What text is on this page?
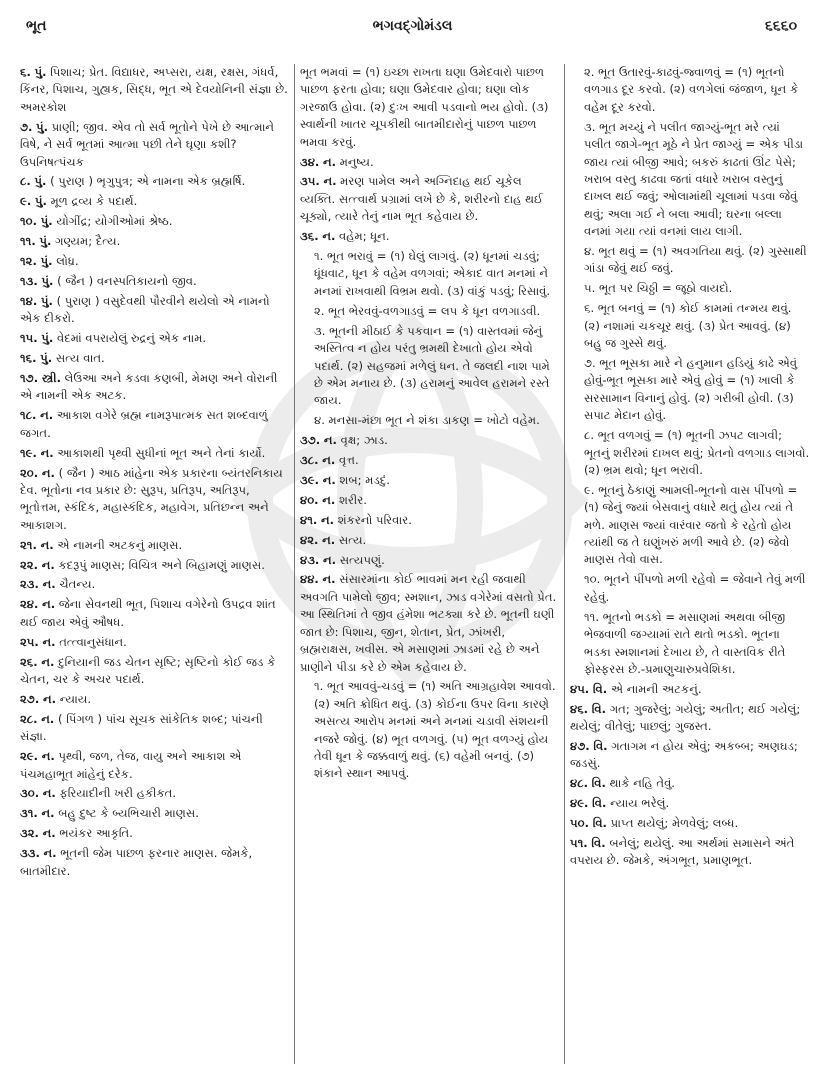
ભૂત	ભગવદ્ગોમંડલ	૬૬૬૦
૬. પું. પિશાચ; પ્રેત. વિદ્યાધર, અપ્સરા, યક્ષ, રક્ષસ, ગંધર્વ, કિંનર, પિશાચ, ગુહ્યક, સિદ્ધ, ભૂત એ દેવયોનિની સંજ્ઞા છે. અમરકોશ
૭. પું. પ્રાણી; જીવ. એવ તો સર્વ ભૂતોને પેખે છે આત્માને વિષે, ને સર્વ ભૂતમાં આત્મા પછી તેને ઘૃણા કશી? ઉપનિષત્પંચક
૮. પું. ( પુરાણ ) ભૃગુપુત્ર; એ નામના એક બ્રહ્મર્ષિ.
૯. પું. મૂળ દ્રવ્ય કે પદાર્થ.
૧૦. પું. યોગીંદ્ર; યોગીઓમાં શ્રેષ્ઠ.
૧૧. પું. ગણ્યમ; દૈત્ય.
૧૨. પું. લોધ્ર.
૧૩. પું. ( જૈન ) વનસ્પતિકાયનો જીવ.
૧૪. પું. ( પુરાણ ) વસુદેવથી પૌરવીને થયેલો એ નામનો એક દીકરો.
૧૫. પું. વેદમાં વપરાયેલું રુદ્રનું એક નામ.
૧૬. પું. સત્ય વાત.
૧૭. સ્ત્રી. લેઉઆ અને કડવા કણબી, મેમણ અને વોરાની એ નામની એક અટક.
૧૮. ન. આકાશ વગેરે બ્રહ્મ નામરૂપાત્મક સત શબ્દવાળું જગત.
૧૯. ન. આકાશથી પૃથ્વી સુધીનાં ભૂત અને તેનાં કાર્યો.
૨૦. ન. ( જૈન ) આઠ માંહેના એક પ્રકારના બ્યંતરનિકાય દેવ. ભૂતોના નવ પ્રકાર છે: સુરૂપ, પ્રતિરૂપ, અતિરૂપ, ભૂતોત્તમ, સ્કંદિક, મહાસ્કંદિક, મહાવેગ, પ્રતિછન્ન અને આકાશગ.
૨૧. ન. એ નામની અટકનું માણસ.
૨૨. ન. કદરૂપું માણસ; વિચિત્ર અને બિહામણું માણસ.
૨૩. ન. ચૈતન્ય.
૨૪. ન. જેના સેવનથી ભૂત, પિશાચ વગેરેનો ઉપદ્રવ શાંત થઈ જાય એવું ઔષધ.
૨૫. ન. તત્ત્વાનુસંધાન.
૨૬. ન. દુનિયાની જડ ચેતન સૃષ્ટિ; સૃષ્ટિનો કોઈ જડ કે ચેતન, ચર કે અચર પદાર્થ.
૨૭. ન. ન્યાય.
૨૮. ન. ( પિંગળ ) પાંચ સૂચક સાંકેતિક શબ્દ; પાંચની સંજ્ઞા.
૨૯. ન. પૃથ્વી, જળ, તેજ, વાયુ અને આકાશ એ પંચમહાભૂત માંહેનું દરેક.
૩૦. ન. ફરિયાદીની ખરી હકીકત.
૩૧. ન. બહુ દુષ્ટ કે બ્યભિચારી માણસ.
૩૨. ન. ભયંકર આકૃતિ.
૩૩. ન. ભૂતની જેમ પાછળ ફરનાર માણસ. જેમકે, બાતમીદાર.
ભૂત ભમવાં = (૧) ઇચ્છા રાખતા ઘણા ઉમેદવારો પાછળ પાછળ ફરતા હોવા; ઘણા ઉમેદવાર હોવા; ઘણા લોક ગરજાઉ હોવા. (૨) દુઃખ આવી પડવાનો ભય હોવો. (૩) સ્વાર્થની ખાતર ચૂપકીથી બાતમીદારોનું પાછળ પાછળ ભમવા કરવું.
૩૪. ન. મનુષ્ય.
૩૫. ન. મરણ પામેલ અને અગ્નિદાહ થઈ ચૂકેલ વ્યક્તિ. સત્ત્વાર્થ પ્રગ્રામાં લખે છે કે, શરીરનો દાહ થઈ ચૂક્યો, ત્યારે તેનું નામ ભૂત કહેવાય છે.
૩૬. ન. વહેમ; ધૂન.
૧. ભૂત ભરાવું = (૧) ઘેલું લાગવું. (૨) ધૂનમાં ચડવું; ધૂંધવાટ, ધૂન કે વહેમ વળગવાં; એકાદ વાત મનમાં ને મનમાં રાખવાથી વિભ્રમ થવો. (૩) વાંકું પડવું; રિસાવું.
૨. ભૂત ભેરવવું-વળગાડવું = લપ કે ધૂન વળગાડવી.
૩. ભૂતની મીઠાઈ કે પકવાન = (૧) વાસ્તવમાં જેનું અસ્તિત્વ ન હોય પરંતુ ભ્રમથી દેખાતો હોય એવો પદાર્થ. (૨) સહજમાં મળેલું ધન. તે જલદી નાશ પામે છે એમ મનાય છે. (૩) હરામનું આવેલ હરામને રસ્તે જાય.
૪. મનસા-મંછા ભૂત ને શંકા ડાકણ = ખોટો વહેમ.
૩૭. ન. વૃક્ષ; ઝાડ.
૩૮. ન. વૃત્ત.
૩૯. ન. શબ; મડદું.
૪૦. ન. શરીર.
૪૧. ન. શંકરનો પરિવાર.
૪૨. ન. સત્ય.
૪૩. ન. સત્યપણું.
૪૪. ન. સંસારમાંના કોઈ ભાવમાં મન રહી જવાથી અવગતિ પામેલો જીવ; સ્મશાન, ઝાડ વગેરેમાં વસતો પ્રેત. આ સ્થિતિમાં તે જીવ હંમેશા ભટક્યા કરે છે. ભૂતની ઘણી જાત છે: પિશાચ, જીન, શેતાન, પ્રેત, ઝાંખરી, બ્રહ્મરાક્ષસ, ખવીસ. એ મસાણમાં ઝાડમાં રહે છે અને પ્રાણીને પીડા કરે છે એમ કહેવાય છે.
૧. ભૂત આવવું-ચડવું = (૧) અતિ આગ્રહાવેશ આવવો. (૨) અતિ ક્રોધિત થવું. (૩) કોઈના ઉપર વિના કારણે અસત્ય આરોપ મનમાં અને મનમાં ચડાવી સંશયની નજરે જોવું. (૪) ભૂત વળગવું. (૫) ભૂત વળગ્યું હોય તેવી ધૂન કે જક્કવાળું થવું. (૬) વહેમી બનવું. (૭) શંકાને સ્થાન આપવું.
૨. ભૂત ઉતારવું-કાઢવું-જ્વાળવું = (૧) ભૂતનો વળગાડ દૂર કરવો. (૨) વળગેલાં જંજાળ, ધૂન કે વહેમ દૂર કરવો.
૩. ભૂત મચ્યું ને પલીત જાગ્યું-ભૂત મરે ત્યાં પલીત જાગે-ભૂત મૂઠે ને પ્રેત જાગ્યું = એક પીડા જાય ત્યાં બીજી આવે; બકરું કાઢતાં ઊંટ પેસે; ખરાબ વસ્તુ કાઢવા જતાં વધારે ખરાબ વસ્તુનું દાખલ થઈ જવું; ઓલામાંથી ચૂલામાં પડવા જેવું થવું; અલા ગઈ ને બલા આવી; ઘરના બલ્લા વનમાં ગયા ત્યાં વનમાં લાય લાગી.
૪. ભૂત થવું = (૧) અવગતિયા થવું. (૨) ગુસ્સાથી ગાંડા જેવું થઈ જવું.
૫. ભૂત પર ચિઠ્ઠી = જૂઠો વાયદો.
૬. ભૂત બનવું = (૧) કોઈ કામમાં તન્મય થવું. (૨) નશામાં ચકચૂર થવું. (૩) પ્રેત આવવું. (૪) બહુ જ ગુસ્સે થવું.
૭. ભૂત ભૂસકા મારે ને હનુમાન હડિયું કાઢે એવું હોવું-ભૂત ભૂસકા મારે એવું હોવું = (૧) ખાલી કે સરસામાન વિનાનું હોવું. (૨) ગરીબી હોવી. (૩) સપાટ મેદાન હોવું.
૮. ભૂત વળગવું = (૧) ભૂતની ઝપટ લાગવી; ભૂતનું શરીરમાં દાખલ થવું; પ્રેતનો વળગાડ લાગવો. (૨) ભ્રમ થવો; ધૂન ભરાવી.
૯. ભૂતનું ઠેકાણું આમલી-ભૂતનો વાસ પીંપળો = (૧) જેનું જ્યાં બેસવાનું વધારે થતું હોય ત્યાં તે મળે. માણસ જ્યાં વારંવાર જતો કે રહેતો હોય ત્યાંથી જ તે ઘણુંખરું મળી આવે છે. (૨) જેવો માણસ તેવો વાસ.
૧૦. ભૂતને પીંપળો મળી રહેવો = જેવાને તેવું મળી રહેવું.
૧૧. ભૂતનો ભડકો = મસાણમાં અથવા બીજી ભેજવાળી જગ્યામાં રાતે થતો ભડકો. ભૂતના ભડકા સ્મશાનમાં દેખાય છે, તે વાસ્તવિક રીતે ફોસ્ફરસ છે.-પ્રમાણુચારુપ્રવેશિકા.
૪૫. વિ. એ નામની અટકનું.
૪૬. વિ. ગત; ગુજરેલું; ગયેલું; અતીત; થઈ ગયેલું; થયેલું; વીતેલું; પાછલું; ગુજસ્ત.
૪૭. વિ. ગતાગમ ન હોય એવું; અકબ્બ; અણઘડ; જડસું.
૪૮. વિ. થાકે નહિ તેવું.
૪૯. વિ. ન્યાય ભરેલું.
૫૦. વિ. પ્રાપ્ત થયેલું; મેળવેલું; લબ્ધ.
૫૧. વિ. બનેલું; થયેલું. આ અર્થમાં સમાસને અંતે વપરાય છે. જેમકે, અંગભૂત, પ્રમાણભૂત.
